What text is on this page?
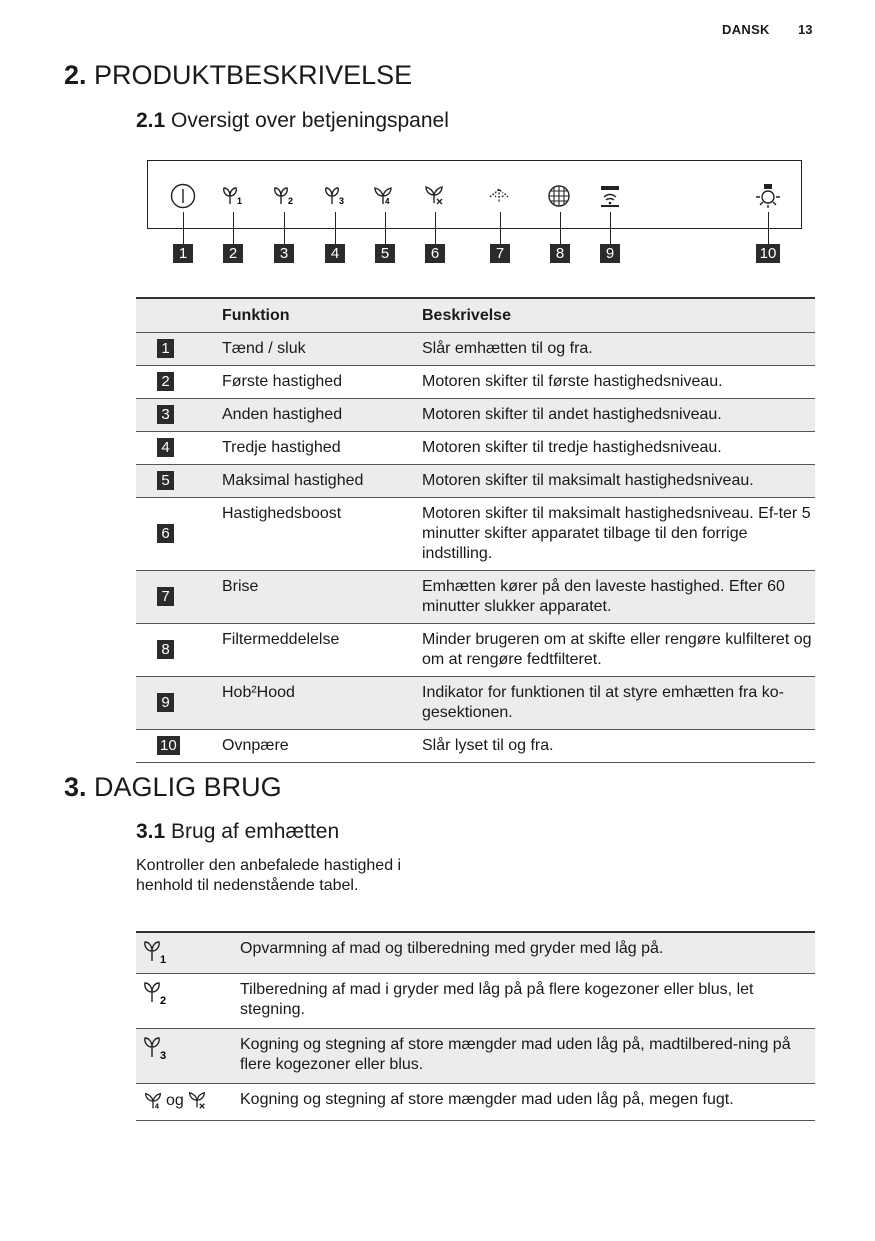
DANSK 13
2. PRODUKTBESKRIVELSE
2.1 Oversigt over betjeningspanel
1	2	3	4
1	2	3	4	5	6	7	8	9	10
	Funktion	Beskrivelse
1	Tænd / sluk	Slår emhætten til og fra.
2	Første hastighed	Motoren skifter til første hastighedsniveau.
3	Anden hastighed	Motoren skifter til andet hastighedsniveau.
4	Tredje hastighed	Motoren skifter til tredje hastighedsniveau.
5	Maksimal hastighed	Motoren skifter til maksimalt hastighedsniveau.
6	Hastighedsboost	Motoren skifter til maksimalt hastighedsniveau. Ef-ter 5 minutter skifter apparatet tilbage til den forrige indstilling.
7	Brise	Emhætten kører på den laveste hastighed. Efter 60 minutter slukker apparatet.
8	Filtermeddelelse	Minder brugeren om at skifte eller rengøre kulfilteret og om at rengøre fedtfilteret.
9	Hob²Hood	Indikator for funktionen til at styre emhætten fra ko-gesektionen.
10	Ovnpære	Slår lyset til og fra.
3. DAGLIG BRUG
3.1 Brug af emhætten
Kontroller den anbefalede hastighed i
henhold til nedenstående tabel.
1	Opvarmning af mad og tilberedning med gryder med låg på.

2	Tilberedning af mad i gryder med låg på på flere kogezoner eller blus, let stegning.

3	Kogning og stegning af store mængder mad uden låg på, madtilbered-ning på flere kogezoner eller blus.

4 og	Kogning og stegning af store mængder mad uden låg på, megen fugt.
